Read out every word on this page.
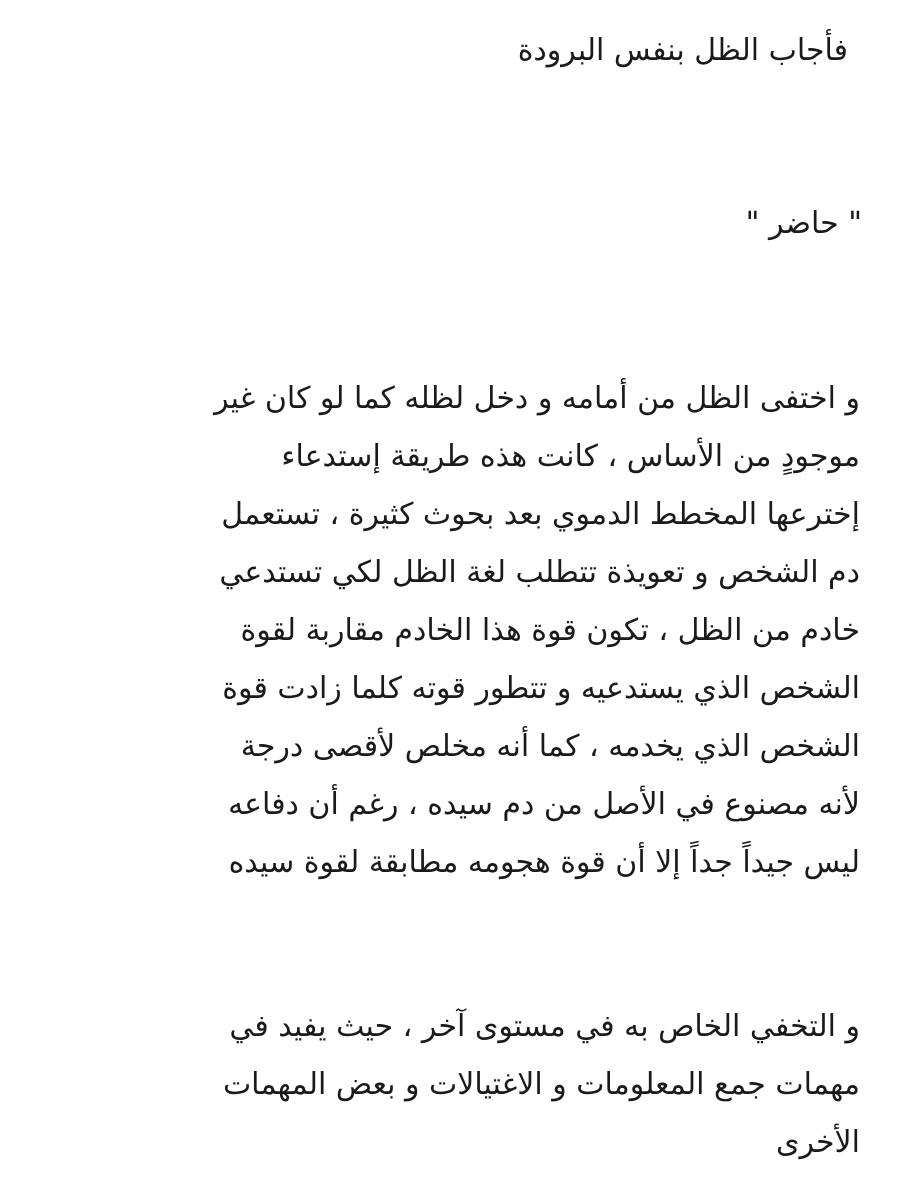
فأجاب الظل بنفس البرودة

" حاضر "

و اختفى الظل من أمامه و دخل لظله كما لو كان غير
موجودٍ من الأساس ، كانت هذه طريقة إستدعاء
إخترعها المخطط الدموي بعد بحوث كثيرة ، تستعمل
دم الشخص و تعويذة تتطلب لغة الظل لكي تستدعي
خادم من الظل ، تكون قوة هذا الخادم مقاربة لقوة
الشخص الذي يستدعيه و تتطور قوته كلما زادت قوة
الشخص الذي يخدمه ، كما أنه مخلص لأقصى درجة
لأنه مصنوع في الأصل من دم سيده ، رغم أن دفاعه
ليس جيداً جداً إلا أن قوة هجومه مطابقة لقوة سيده

و التخفي الخاص به في مستوى آخر ، حيث يفيد في
مهمات جمع المعلومات و الاغتيالات و بعض المهمات
الأخرى
